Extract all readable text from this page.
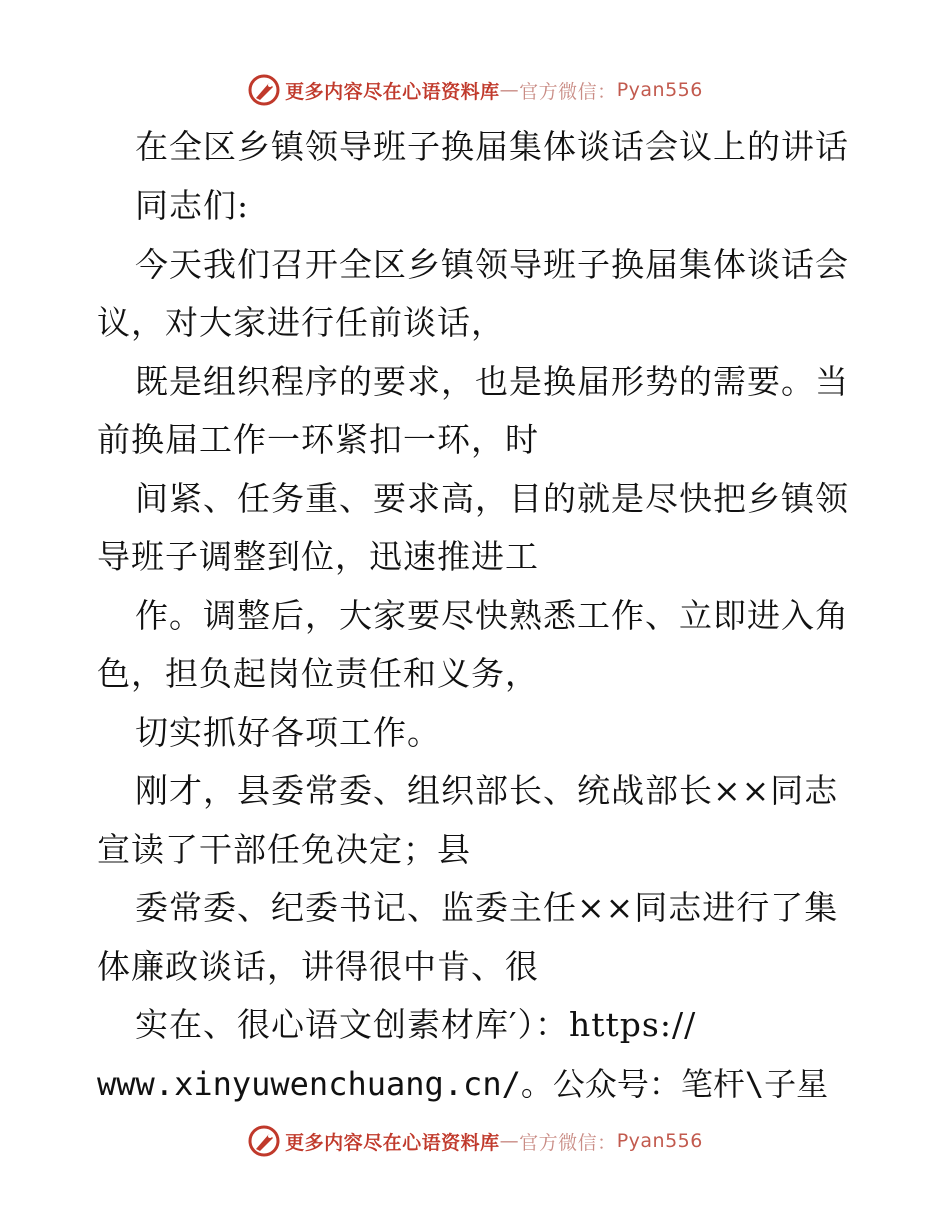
更多内容尽在心语资料库 — 官方微信： Pyan556
在全区乡镇领导班子换届集体谈话会议上的讲话
同志们:
今天我们召开全区乡镇领导班子换届集体谈话会
议，对大家进行任前谈话，
既是组织程序的要求，也是换届形势的需要。当
前换届工作一环紧扣一环，时
间紧、任务重、要求高，目的就是尽快把乡镇领
导班子调整到位，迅速推进工
作。调整后，大家要尽快熟悉工作、立即进入角
色，担负起岗位责任和义务，
切实抓好各项工作。
刚才，县委常委、组织部长、统战部长××同志
宣读了干部任免决定；县
委常委、纪委书记、监委主任××同志进行了集
体廉政谈话，讲得很中肯、很
实在、很心语文创素材库′）：https://
www.xinyuwenchuang.cn/。公众号：笔杆\子星
更多内容尽在心语资料库 — 官方微信： Pyan556
